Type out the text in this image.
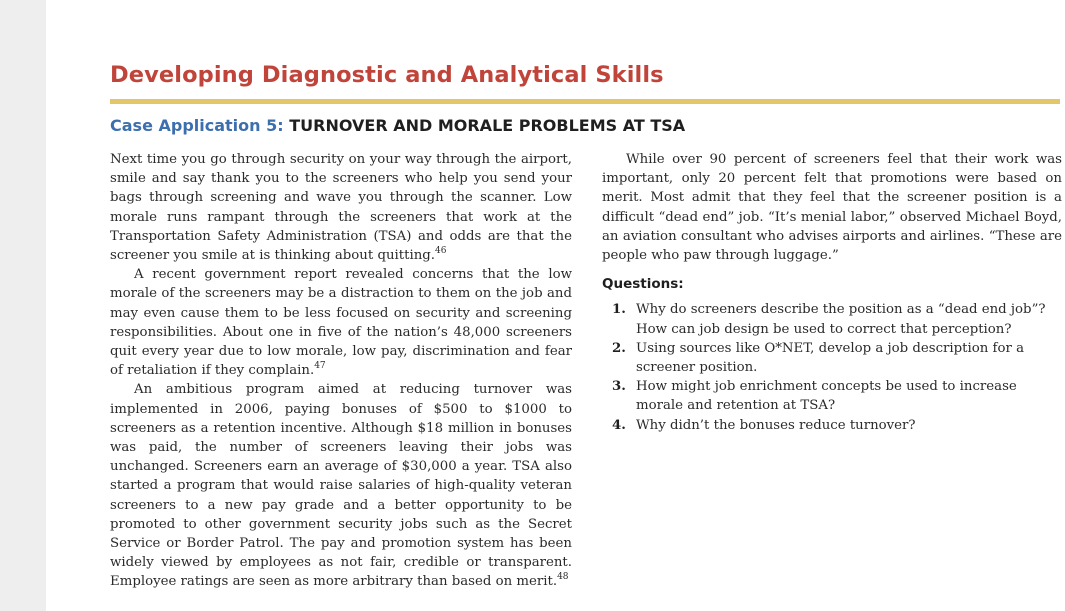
Developing Diagnostic and Analytical Skills
Case Application 5: TURNOVER AND MORALE PROBLEMS AT TSA

Next time you go through security on your way through the airport, smile and say thank you to the screeners who help you send your bags through screening and wave you through the scanner. Low morale runs rampant through the screeners that work at the Transportation Safety Administration (TSA) and odds are that the screener you smile at is thinking about quitting.$^{46}$

A recent government report revealed concerns that the low morale of the screeners may be a distraction to them on the job and may even cause them to be less focused on security and screening responsibilities. About one in five of the nation’s 48,000 screeners quit every year due to low morale, low pay, discrimination and fear of retaliation if they complain.$^{47}$

An ambitious program aimed at reducing turnover was implemented in 2006, paying bonuses of $500 to $1000 to screeners as a retention incentive. Although $18 million in bonuses was paid, the number of screeners leaving their jobs was unchanged. Screeners earn an average of $30,000 a year. TSA also started a program that would raise salaries of high-quality veteran screeners to a new pay grade and a better opportunity to be promoted to other government security jobs such as the Secret Service or Border Patrol. The pay and promotion system has been widely viewed by employees as not fair, credible or transparent. Employee ratings are seen as more arbitrary than based on merit.$^{48}$

While over 90 percent of screeners feel that their work was important, only 20 percent felt that promotions were based on merit. Most admit that they feel that the screener position is a difficult “dead end” job. “It’s menial labor,” observed Michael Boyd, an aviation consultant who advises airports and airlines. “These are people who paw through luggage.”

Questions:
1. Why do screeners describe the position as a “dead end job”? How can job design be used to correct that perception?
2. Using sources like O*NET, develop a job description for a screener position.
3. How might job enrichment concepts be used to increase morale and retention at TSA?
4. Why didn’t the bonuses reduce turnover?
